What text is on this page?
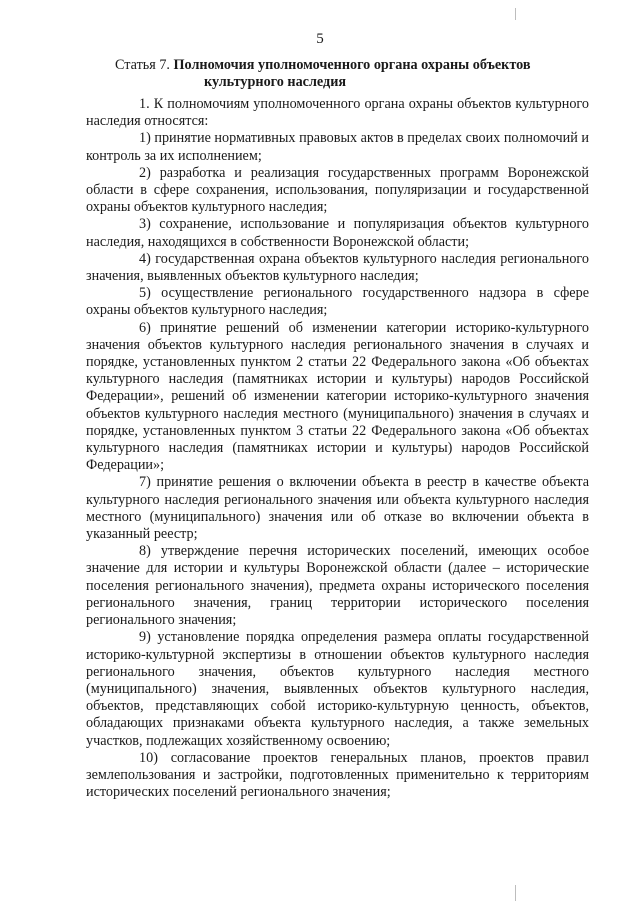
5
Статья 7. Полномочия уполномоченного органа охраны объектов
культурного наследия

1. К полномочиям уполномоченного органа охраны объектов культурного наследия относятся:

1) принятие нормативных правовых актов в пределах своих полномочий и контроль за их исполнением;

2) разработка и реализация государственных программ Воронежской области в сфере сохранения, использования, популяризации и государственной охраны объектов культурного наследия;

3) сохранение, использование и популяризация объектов культурного наследия, находящихся в собственности Воронежской области;

4) государственная охрана объектов культурного наследия регионального значения, выявленных объектов культурного наследия;

5) осуществление регионального государственного надзора в сфере охраны объектов культурного наследия;

6) принятие решений об изменении категории историко-культурного значения объектов культурного наследия регионального значения в случаях и порядке, установленных пунктом 2 статьи 22 Федерального закона «Об объектах культурного наследия (памятниках истории и культуры) народов Российской Федерации», решений об изменении категории историко-культурного значения объектов культурного наследия местного (муниципального) значения в случаях и порядке, установленных пунктом 3 статьи 22 Федерального закона «Об объектах культурного наследия (памятниках истории и культуры) народов Российской Федерации»;

7) принятие решения о включении объекта в реестр в качестве объекта культурного наследия регионального значения или объекта культурного наследия местного (муниципального) значения или об отказе во включении объекта в указанный реестр;

8) утверждение перечня исторических поселений, имеющих особое значение для истории и культуры Воронежской области (далее – исторические поселения регионального значения), предмета охраны исторического поселения регионального значения, границ территории исторического поселения регионального значения;

9) установление порядка определения размера оплаты государственной историко-культурной экспертизы в отношении объектов культурного наследия регионального значения, объектов культурного наследия местного (муниципального) значения, выявленных объектов культурного наследия, объектов, представляющих собой историко-культурную ценность, объектов, обладающих признаками объекта культурного наследия, а также земельных участков, подлежащих хозяйственному освоению;

10) согласование проектов генеральных планов, проектов правил землепользования и застройки, подготовленных применительно к территориям исторических поселений регионального значения;
